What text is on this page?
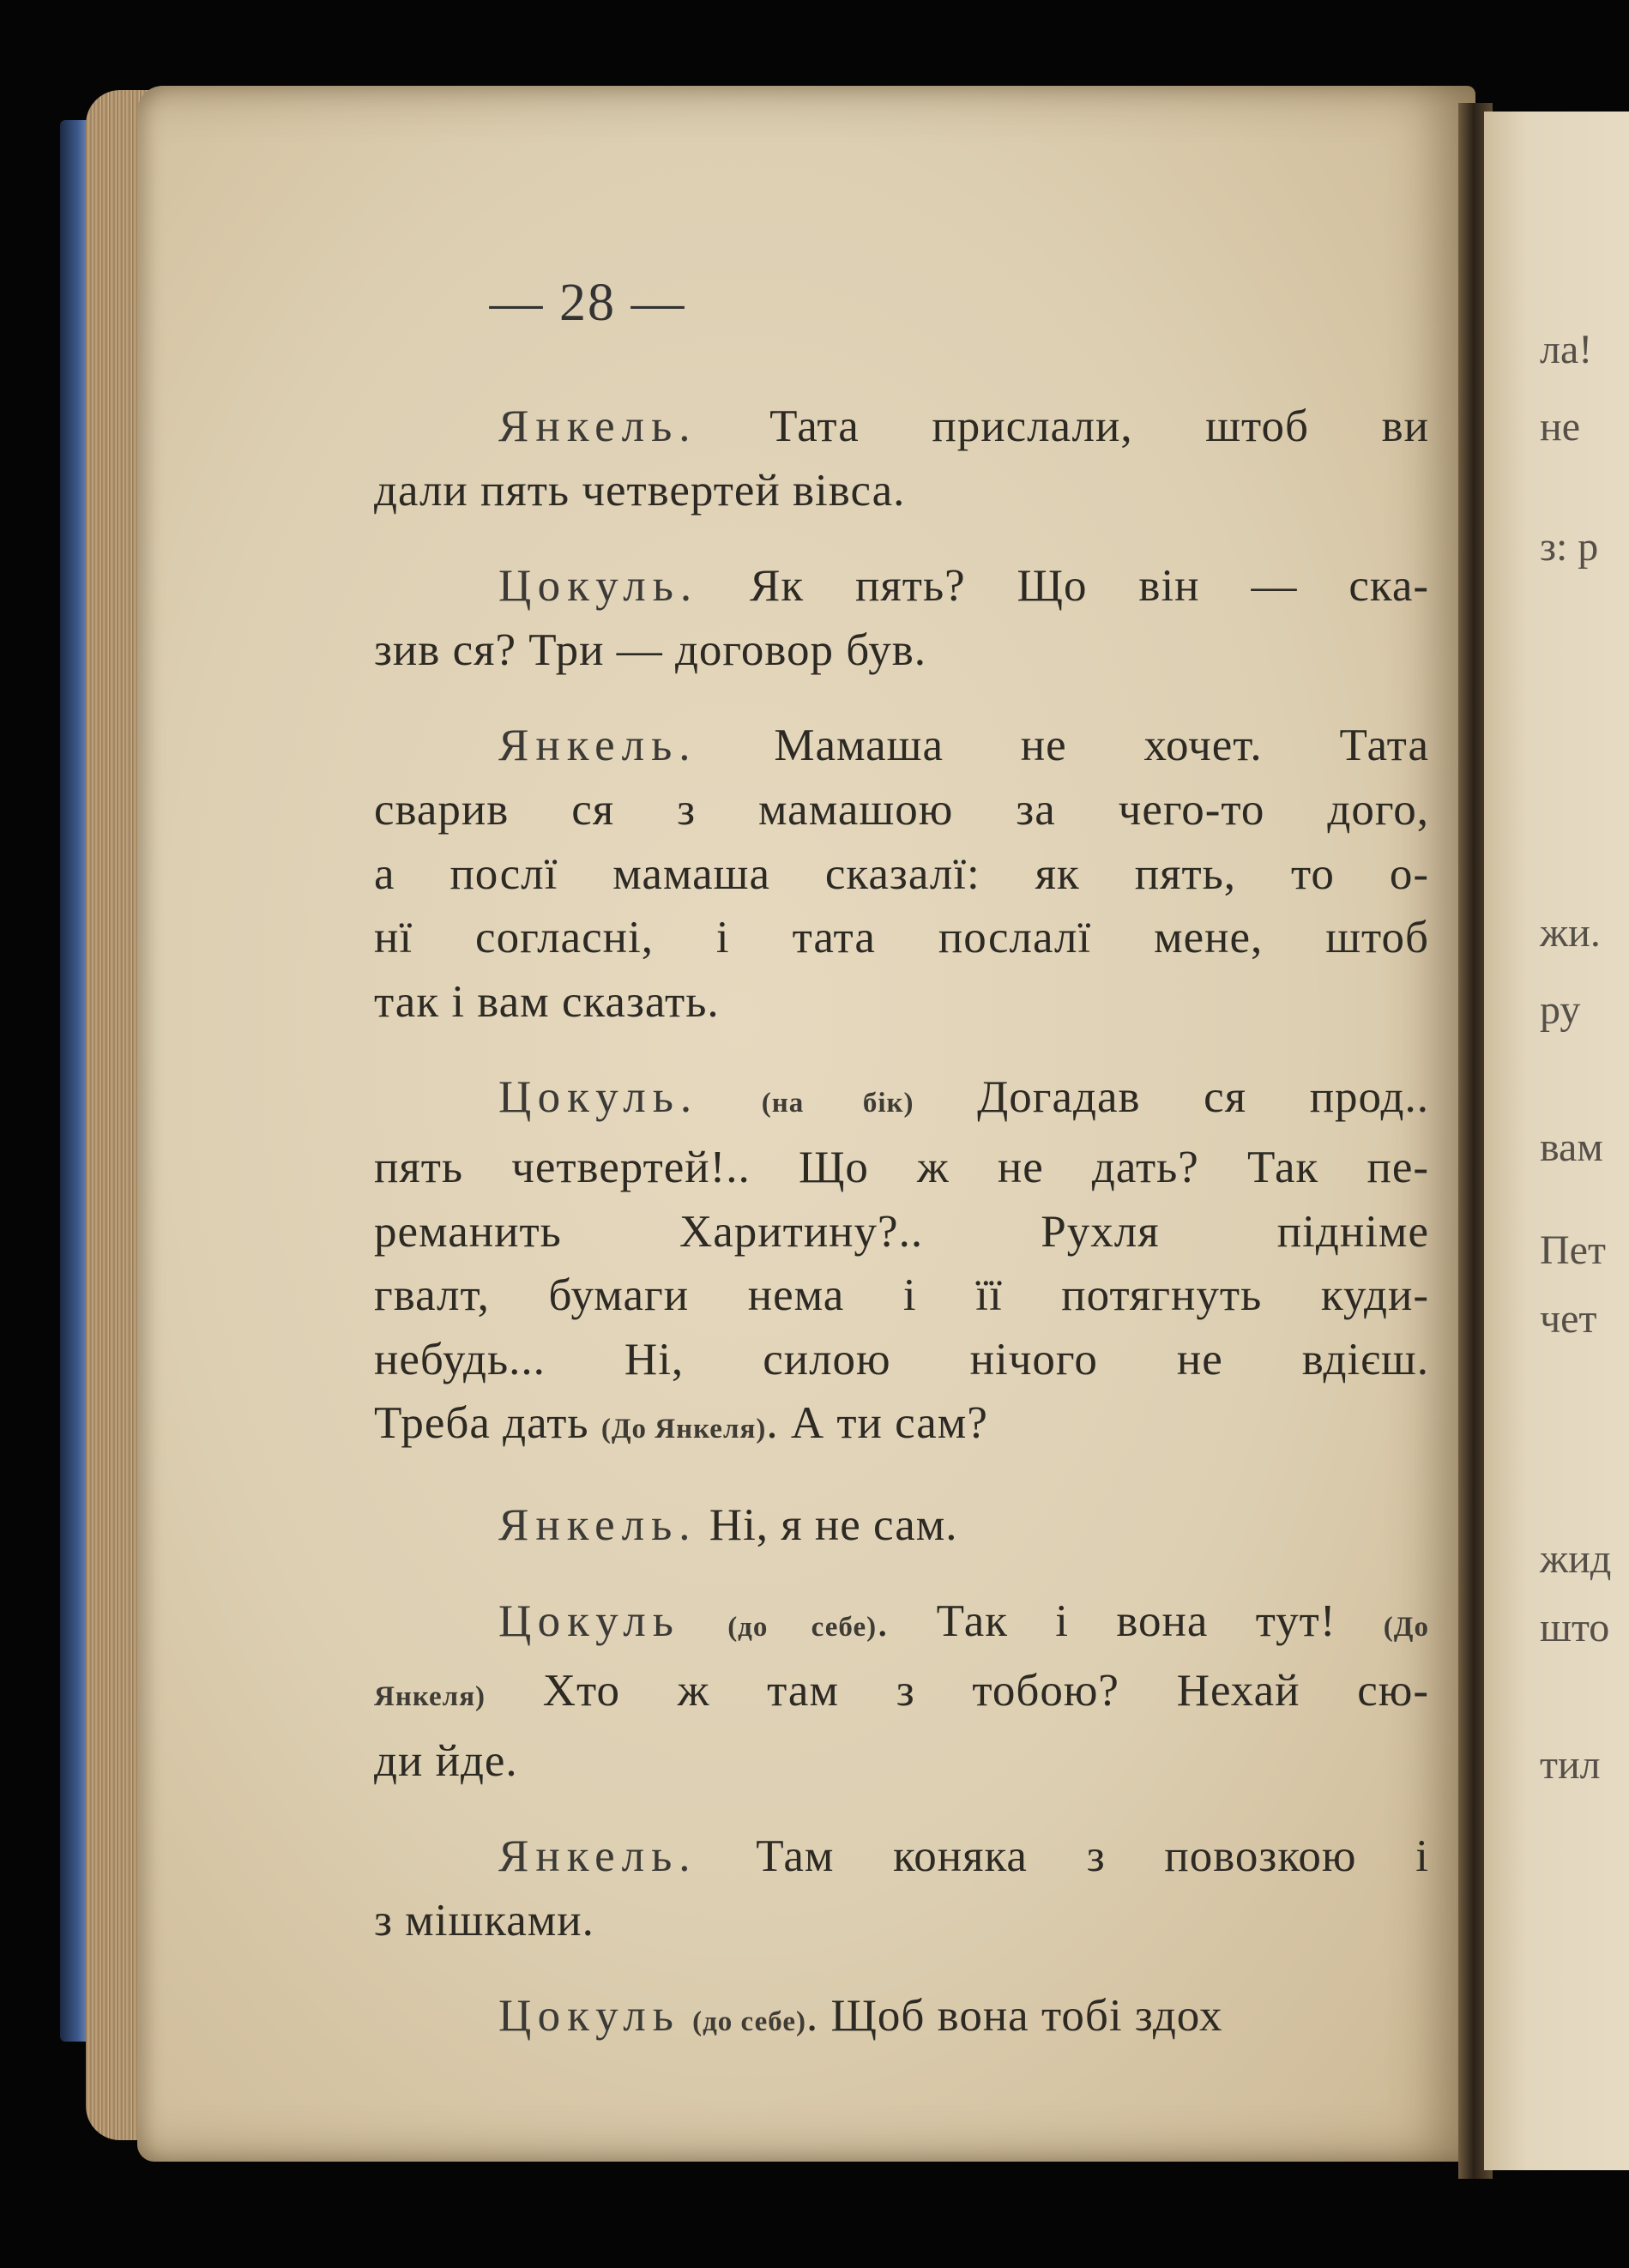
ла!
не
з: р
жи.
ру
вам
Пет
чет
жид
што
тил
— 28 —
Янкель. Тата прислали, штоб ви
дали пять четвертей вівса.
Цокуль. Як пять? Що він — ска-
зив ся? Три — договор був.
Янкель. Мамаша не хочет. Тата
сварив ся з мамашою за чего-то дого,
а послї мамаша сказалї: як пять, то о-
нї согласні, і тата послалї мене, штоб
так і вам сказать.
Цокуль. (на бік) Догадав ся прод..
пять четвертей!.. Що ж не дать? Так пе-
реманить Харитину?.. Рухля підніме
гвалт, бумаги нема і її потягнуть куди-
небудь... Ні, силою нічого не вдієш.
Треба дать (До Янкеля). А ти сам?
Янкель. Ні, я не сам.
Цокуль (до себе). Так і вона тут! (До
Янкеля) Хто ж там з тобою? Нехай сю-
ди йде.
Янкель. Там коняка з повозкою і
з мішками.
Цокуль (до себе). Щоб вона тобі здох
